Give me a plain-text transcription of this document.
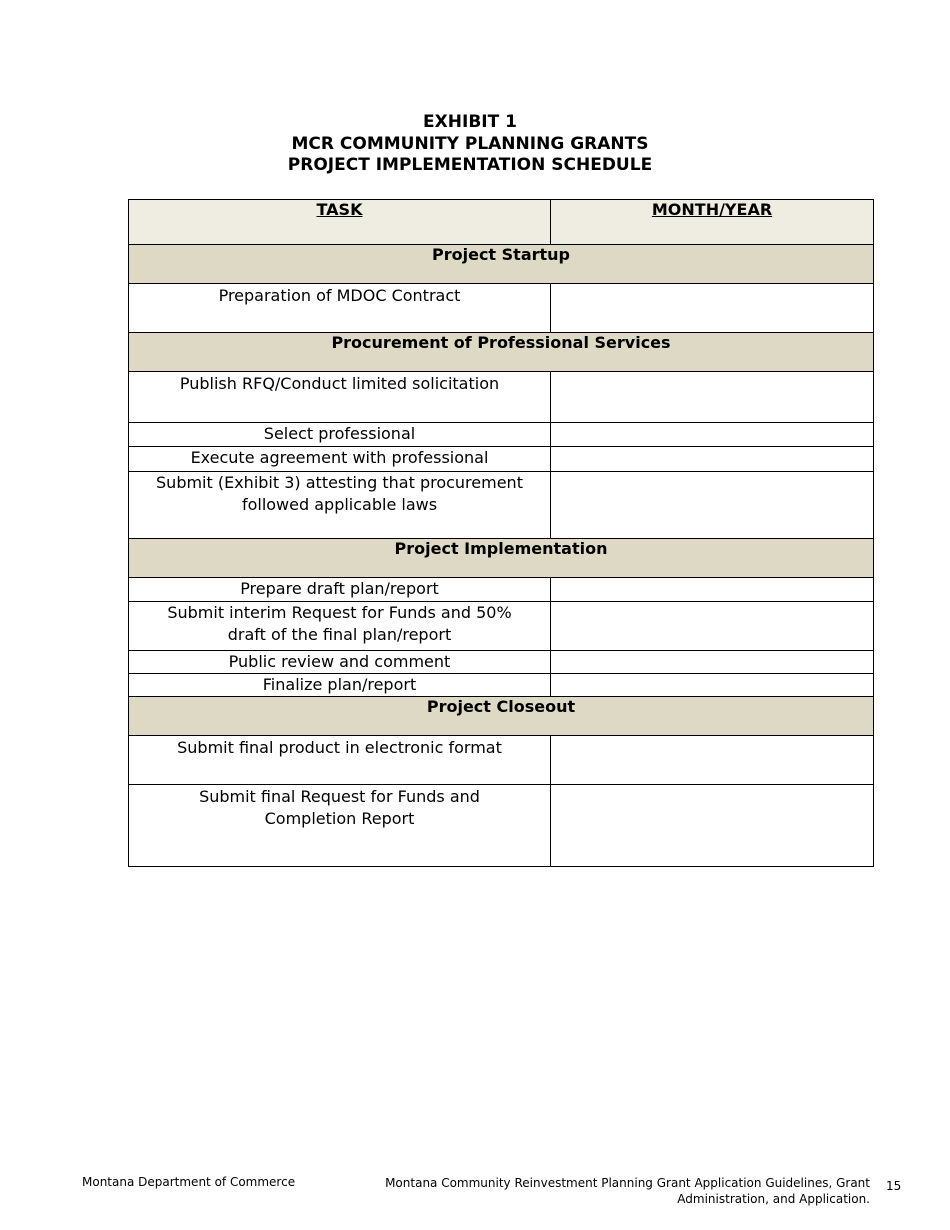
EXHIBIT 1
MCR COMMUNITY PLANNING GRANTS
PROJECT IMPLEMENTATION SCHEDULE
TASK	MONTH/YEAR
Project Startup	
Preparation of MDOC Contract	
Procurement of Professional Services	
Publish RFQ/Conduct limited solicitation	
Select professional	
Execute agreement with professional	

Submit (Exhibit 3) attesting that procurement
followed applicable laws	

Project Implementation	
Prepare draft plan/report	

Submit interim Request for Funds and 50%
draft of the final plan/report	

Public review and comment	
Finalize plan/report	
Project Closeout	
Submit final product in electronic format	

Submit final Request for Funds and
Completion Report	

Montana Department of Commerce	Montana Community Reinvestment Planning Grant Application Guidelines, Grant
Administration, and Application.
15
